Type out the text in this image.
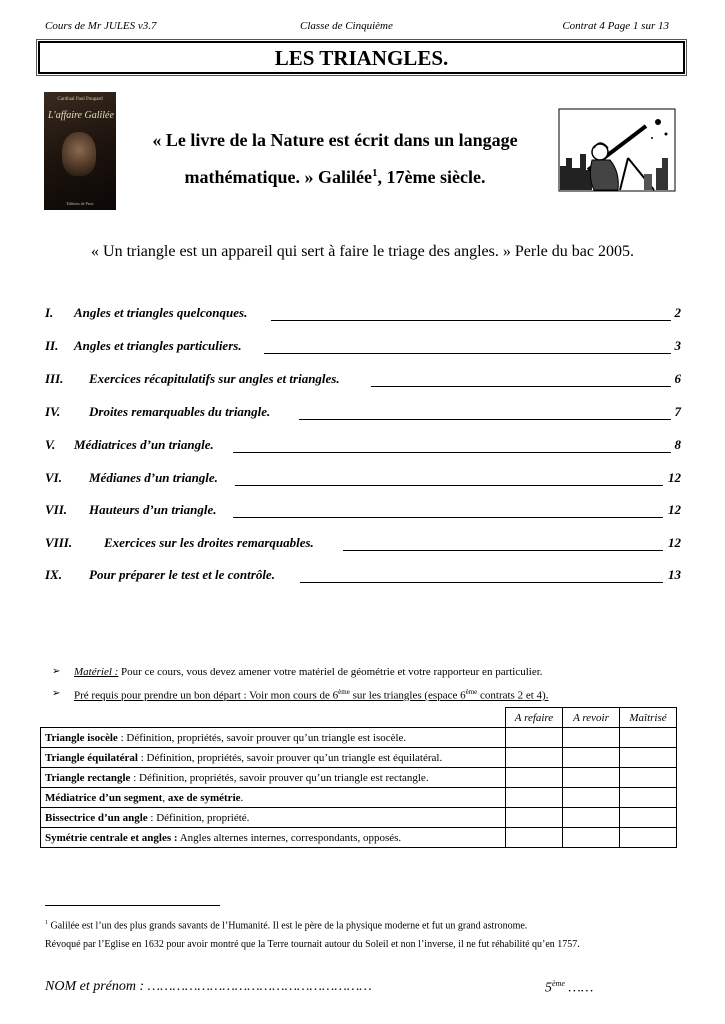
Cours de Mr JULES v3.7	Classe de Cinquième	Contrat 4 Page 1 sur 13
LES TRIANGLES.
Cardinal Paul Poupard
L'affaire Galilée
Editions de Paris
« Le livre de la Nature est écrit dans un langage
mathématique. » Galilée$^1$, 17ème siècle.
« Un triangle est un appareil qui sert à faire le triage des angles. » Perle du bac 2005.
I. Angles et triangles quelconques.	2
II. Angles et triangles particuliers.	3
III. Exercices récapitulatifs sur angles et triangles.	6
IV. Droites remarquables du triangle.	7
V. Médiatrices d’un triangle.	8
VI. Médianes d’un triangle.	12
VII. Hauteurs d’un triangle.	12
VIII. Exercices sur les droites remarquables.	12
IX. Pour préparer le test et le contrôle.	13
➢ Matériel : Pour ce cours, vous devez amener votre matériel de géométrie et votre rapporteur en particulier.
➢ Pré requis pour prendre un bon départ : Voir mon cours de 6ème sur les triangles (espace 6ème contrats 2 et 4).
	A refaire	A revoir	Maîtrisé
Triangle isocèle : Définition, propriétés, savoir prouver qu’un triangle est isocèle.			
Triangle équilatéral : Définition, propriétés, savoir prouver qu’un triangle est équilatéral.			
Triangle rectangle : Définition, propriétés, savoir prouver qu’un triangle est rectangle.			
Médiatrice d’un segment, axe de symétrie.			
Bissectrice d’un angle : Définition, propriété.			
Symétrie centrale et angles : Angles alternes internes, correspondants, opposés.			
$^1$ Galilée est l’un des plus grands savants de l’Humanité. Il est le père de la physique moderne et fut un grand astronome.
Révoqué par l’Eglise en 1632 pour avoir montré que la Terre tournait autour du Soleil et non l’inverse, il ne fut réhabilité qu’en 1757.
NOM et prénom : ………………………………………………	5ème ……
